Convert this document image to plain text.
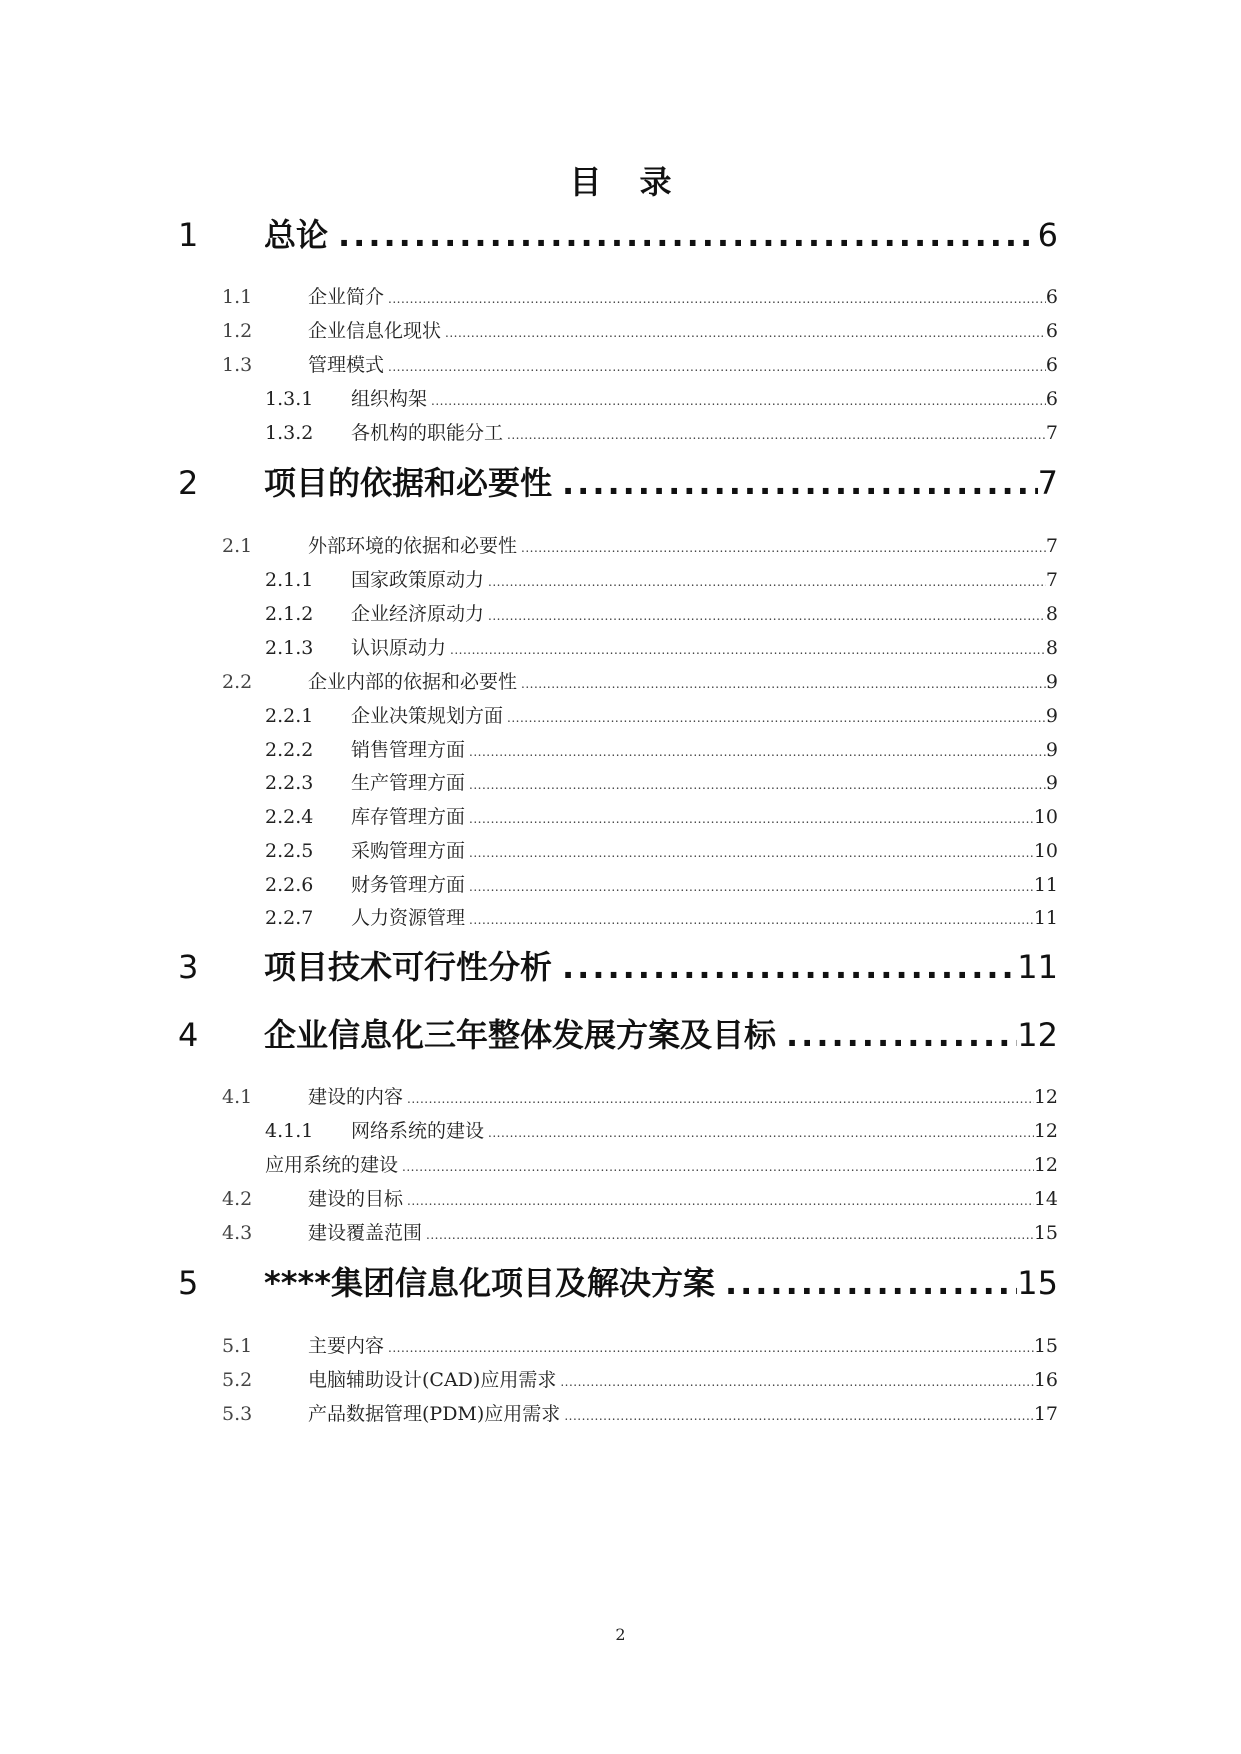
目 录
1	总论 .....	6
1.1	企业简介 .....	6
1.2	企业信息化现状 .....	6
1.3	管理模式 .....	6
1.3.1	组织构架 .....	6
1.3.2	各机构的职能分工 .....	7
2	项目的依据和必要性 .....	7
2.1	外部环境的依据和必要性 .....	7
2.1.1	国家政策原动力 .....	7
2.1.2	企业经济原动力 .....	8
2.1.3	认识原动力 .....	8
2.2	企业内部的依据和必要性 .....	9
2.2.1	企业决策规划方面 .....	9
2.2.2	销售管理方面 .....	9
2.2.3	生产管理方面 .....	9
2.2.4	库存管理方面 .....	10
2.2.5	采购管理方面 .....	10
2.2.6	财务管理方面 .....	11
2.2.7	人力资源管理 .....	11
3	项目技术可行性分析 .....	11
4	企业信息化三年整体发展方案及目标 .....	12
4.1	建设的内容 .....	12
4.1.1	网络系统的建设 .....	12
应用系统的建设 .....	12
4.2	建设的目标 .....	14
4.3	建设覆盖范围 .....	15
5	****集团信息化项目及解决方案 .....	15
5.1	主要内容 .....	15
5.2	电脑辅助设计(CAD)应用需求 .....	16
5.3	产品数据管理(PDM)应用需求 .....	17
2
